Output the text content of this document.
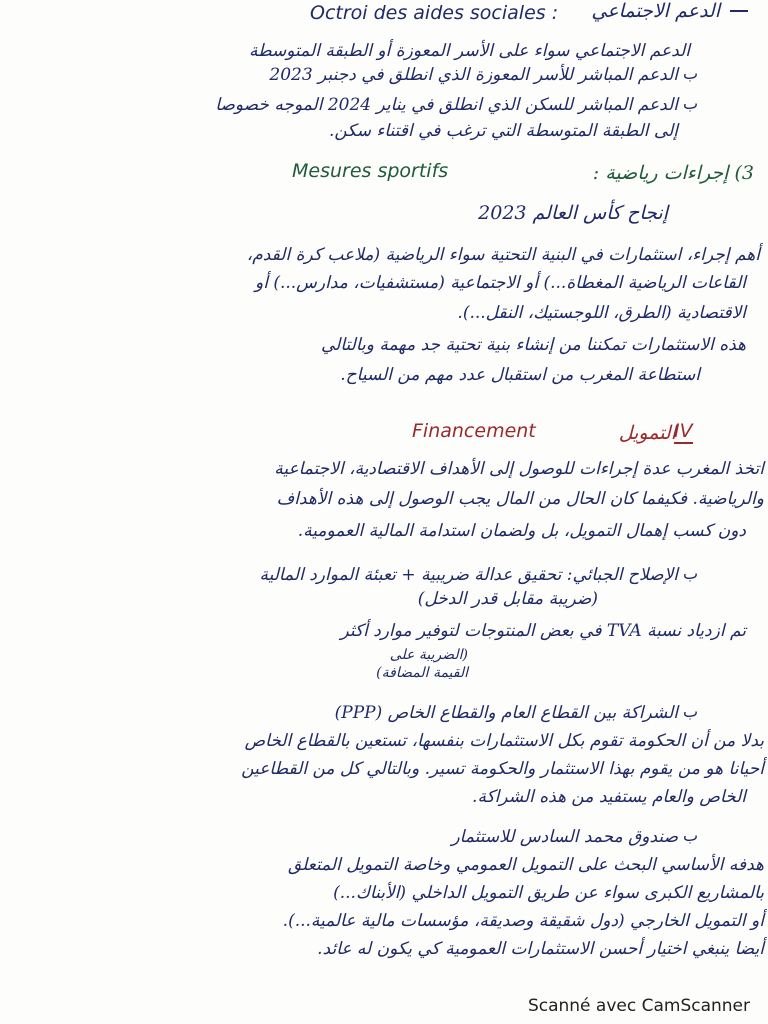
الدعم الاجتماعي
Octroi des aides sociales :
الدعم الاجتماعي سواء على الأسر المعوزة أو الطبقة المتوسطة
ب
الدعم المباشر للأسر المعوزة الذي انطلق في دجنبر 2023
ب
الدعم المباشر للسكن الذي انطلق في يناير 2024 الموجه خصوصا
إلى الطبقة المتوسطة التي ترغب في اقتناء سكن.
Mesures sportifs	3) إجراءات رياضية :
إنجاح كأس العالم 2023
أهم إجراء، استثمارات في البنية التحتية سواء الرياضية (ملاعب كرة القدم،
القاعات الرياضية المغطاة...) أو الاجتماعية (مستشفيات، مدارس...) أو
الاقتصادية (الطرق، اللوجستيك، النقل...).
هذه الاستثمارات تمكننا من إنشاء بنية تحتية جد مهمة وبالتالي
استطاعة المغرب من استقبال عدد مهم من السياح.
Financement	التمويل
IV
اتخذ المغرب عدة إجراءات للوصول إلى الأهداف الاقتصادية، الاجتماعية
والرياضية. فكيفما كان الحال من المال يجب الوصول إلى هذه الأهداف
دون كسب إهمال التمويل، بل ولضمان استدامة المالية العمومية.
ب
الإصلاح الجبائي: تحقيق عدالة ضريبية + تعبئة الموارد المالية
(ضريبة مقابل قدر الدخل)
تم ازدياد نسبة TVA في بعض المنتوجات لتوفير موارد أكثر
(الضريبة على
القيمة المضافة)
ب
الشراكة بين القطاع العام والقطاع الخاص (PPP)
بدلا من أن الحكومة تقوم بكل الاستثمارات بنفسها، تستعين بالقطاع الخاص
أحيانا هو من يقوم بهذا الاستثمار والحكومة تسير. وبالتالي كل من القطاعين
الخاص والعام يستفيد من هذه الشراكة.
ب
صندوق محمد السادس للاستثمار
هدفه الأساسي البحث على التمويل العمومي وخاصة التمويل المتعلق
بالمشاريع الكبرى سواء عن طريق التمويل الداخلي (الأبناك...)
أو التمويل الخارجي (دول شقيقة وصديقة، مؤسسات مالية عالمية...).
أيضا ينبغي اختيار أحسن الاستثمارات العمومية كي يكون له عائد.
Scanné avec CamScanner
